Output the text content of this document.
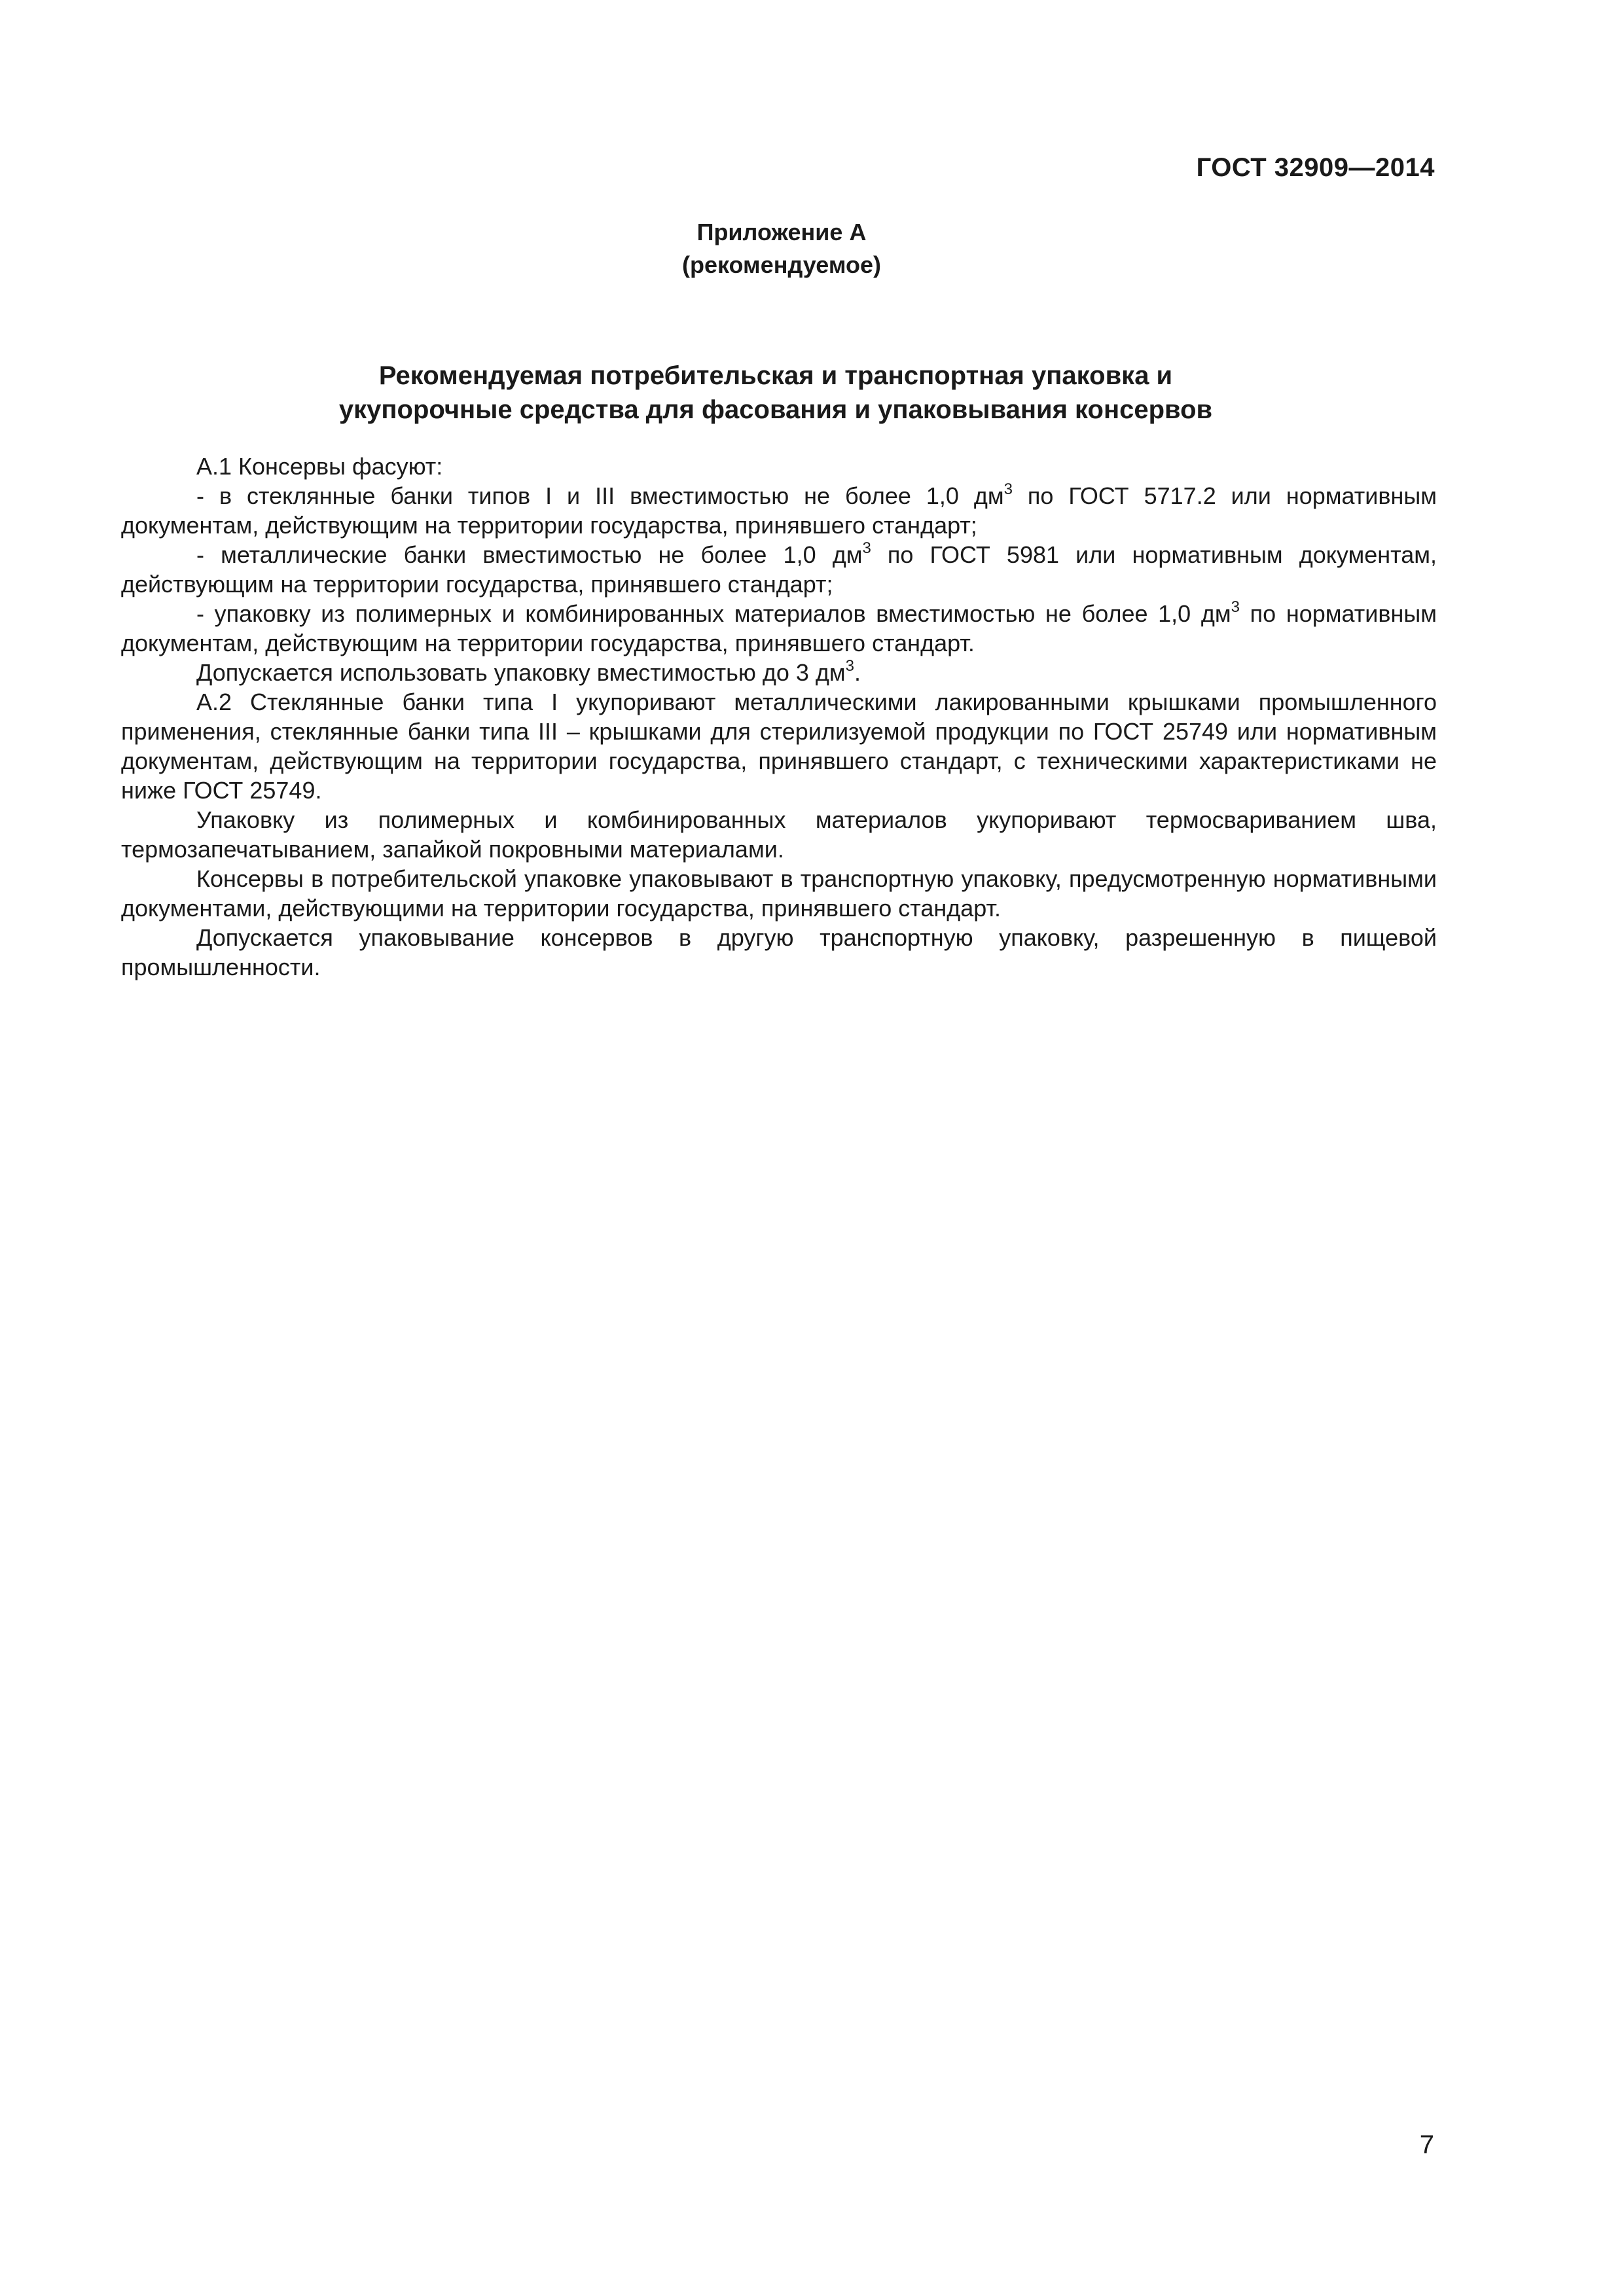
ГОСТ 32909—2014
Приложение А
(рекомендуемое)
Рекомендуемая потребительская и транспортная упаковка и
укупорочные средства для фасования и упаковывания консервов

А.1 Консервы фасуют:

- в стеклянные банки типов I и III вместимостью не более 1,0 $дм^3$ по ГОСТ 5717.2 или нормативным документам, действующим на территории государства, принявшего стандарт;

- металлические банки вместимостью не более 1,0 $дм^3$ по ГОСТ 5981 или нормативным документам, действующим на территории государства, принявшего стандарт;

- упаковку из полимерных и комбинированных материалов вместимостью не более 1,0 $дм^3$ по нормативным документам, действующим на территории государства, принявшего стандарт.

Допускается использовать упаковку вместимостью до 3 $дм^3$.

А.2 Стеклянные банки типа I укупоривают металлическими лакированными крышками промышленного применения, стеклянные банки типа III – крышками для стерилизуемой продукции по ГОСТ 25749 или нормативным документам, действующим на территории государства, принявшего стандарт, с техническими характеристиками не ниже ГОСТ 25749.

Упаковку из полимерных и комбинированных материалов укупоривают термосвариванием шва, термозапечатыванием, запайкой покровными материалами.

Консервы в потребительской упаковке упаковывают в транспортную упаковку, предусмотренную нормативными документами, действующими на территории государства, принявшего стандарт.

Допускается упаковывание консервов в другую транспортную упаковку, разрешенную в пищевой промышленности.

7
